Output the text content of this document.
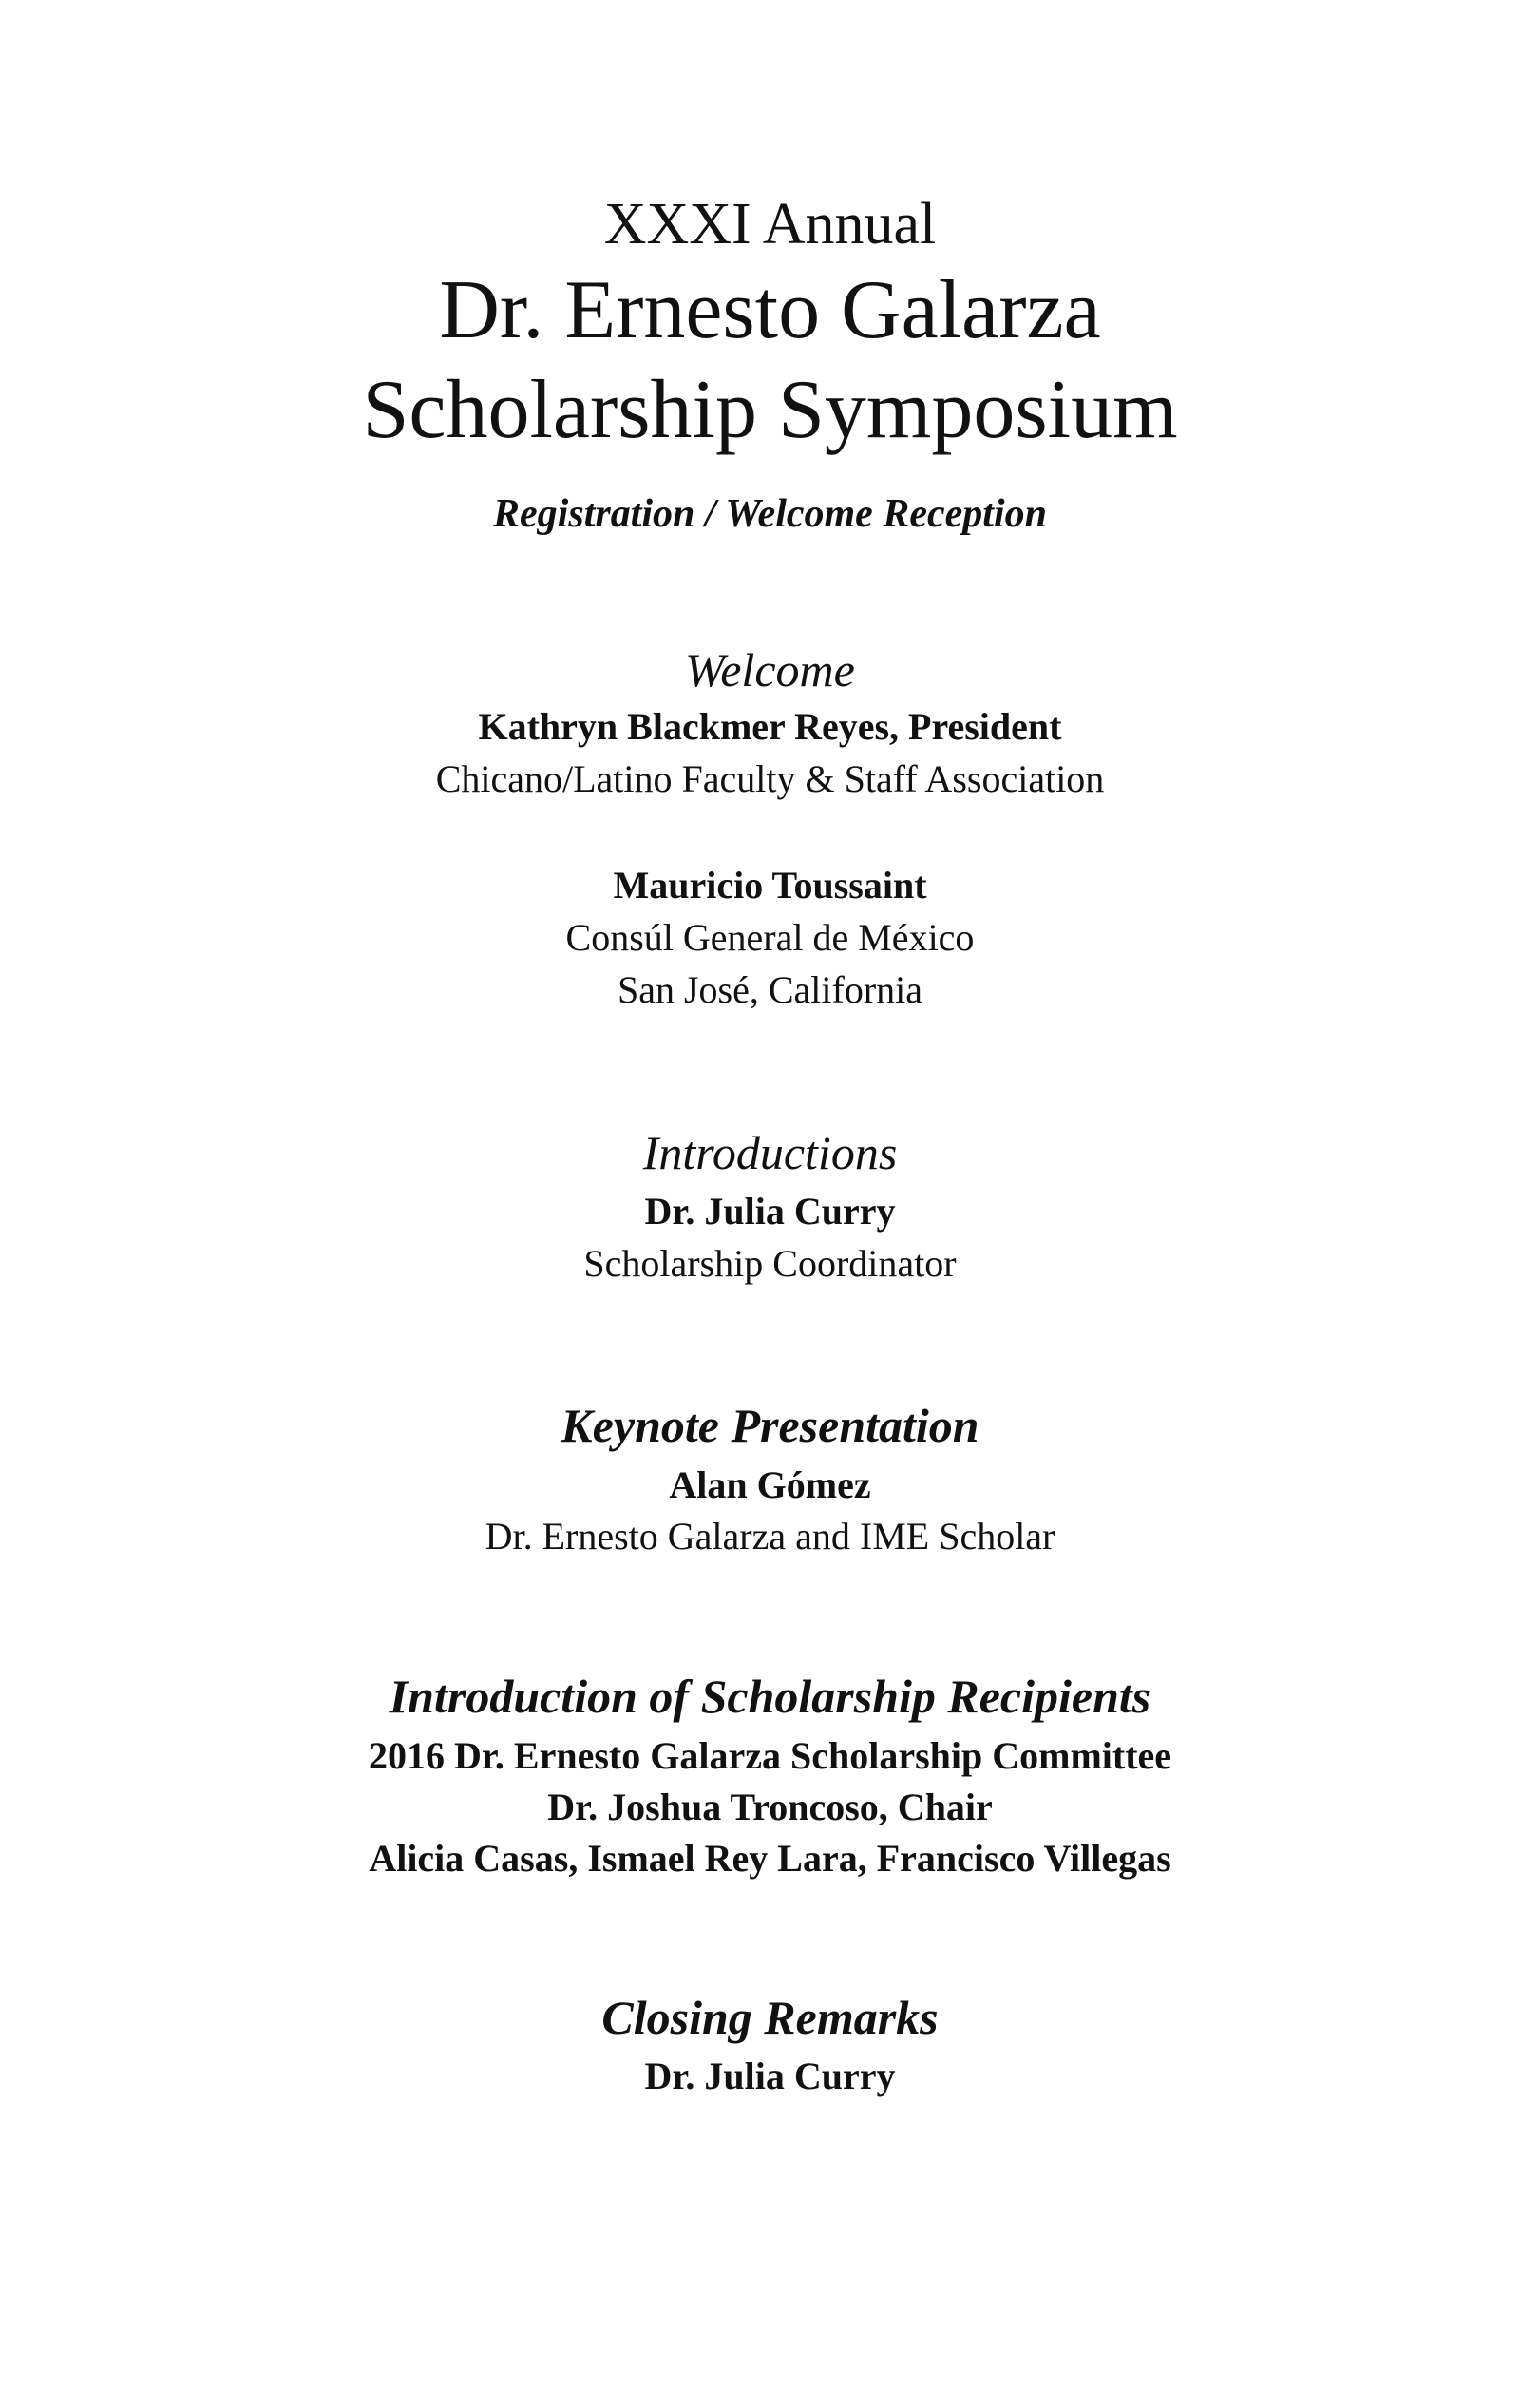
XXXI Annual
Dr. Ernesto Galarza
Scholarship Symposium
Registration / Welcome Reception
Welcome
Kathryn Blackmer Reyes, President
Chicano/Latino Faculty & Staff Association
Mauricio Toussaint
Consúl General de México
San José, California
Introductions
Dr. Julia Curry
Scholarship Coordinator
Keynote Presentation
Alan Gómez
Dr. Ernesto Galarza and IME Scholar
Introduction of Scholarship Recipients
2016 Dr. Ernesto Galarza Scholarship Committee
Dr. Joshua Troncoso, Chair
Alicia Casas, Ismael Rey Lara, Francisco Villegas
Closing Remarks
Dr. Julia Curry
